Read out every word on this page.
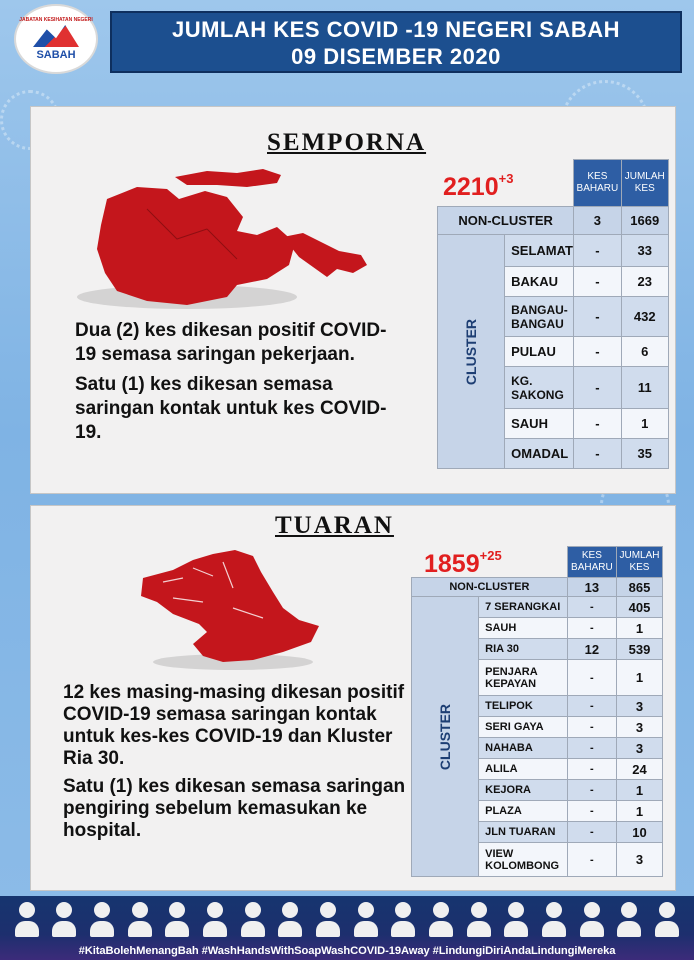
JABATAN KESIHATAN NEGERI
SABAH
JUMLAH KES COVID -19 NEGERI SABAH
09 DISEMBER 2020
SEMPORNA

Dua (2) kes dikesan positif COVID-19 semasa saringan pekerjaan.

Satu (1) kes dikesan semasa saringan kontak untuk kes COVID-19.

$2210^{+3}$
		KES BAHARU	JUMLAH KES
NON-CLUSTER		3	1669
CLUSTER	SELAMAT	-	33
	BAKAU	-	23
	BANGAU-BANGAU	-	432
	PULAU	-	6
	KG. SAKONG	-	11
	SAUH	-	1
	OMADAL	-	35
TUARAN

12 kes masing-masing dikesan positif COVID-19 semasa saringan kontak untuk kes-kes COVID-19 dan Kluster Ria 30.

Satu (1) kes dikesan semasa saringan pengiring sebelum kemasukan ke hospital.

$1859^{+25}$
		KES BAHARU	JUMLAH KES
NON-CLUSTER		13	865
CLUSTER	7 SERANGKAI	-	405
	SAUH	-	1
	RIA 30	12	539
	PENJARA KEPAYAN	-	1
	TELIPOK	-	3
	SERI GAYA	-	3
	NAHABA	-	3
	ALILA	-	24
	KEJORA	-	1
	PLAZA	-	1
	JLN TUARAN	-	10
	VIEW KOLOMBONG	-	3
#KitaBolehMenangBah #WashHandsWithSoapWashCOVID-19Away #LindungiDiriAndaLindungiMereka
